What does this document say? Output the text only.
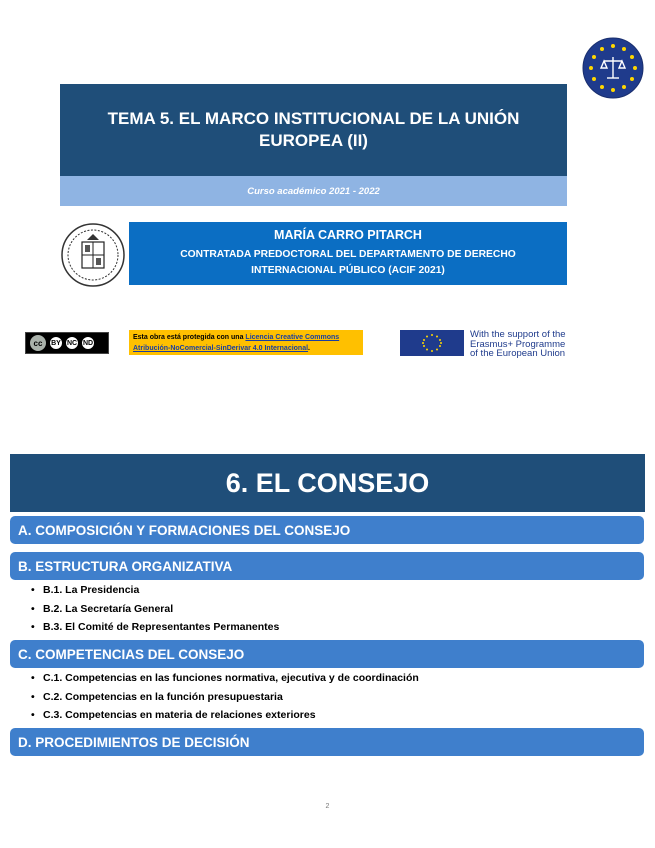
TEMA 5. EL MARCO INSTITUCIONAL DE LA UNIÓN EUROPEA (II)
Curso académico 2021 - 2022
MARÍA CARRO PITARCH
CONTRATADA PREDOCTORAL DEL DEPARTAMENTO DE DERECHO INTERNACIONAL PÚBLICO (ACIF 2021)
cc	BY NC ND
Esta obra está protegida con una Licencia Creative Commons Atribución-NoComercial-SinDerivar 4.0 Internacional.
With the support of the
Erasmus+ Programme
of the European Union
6. EL CONSEJO
A. COMPOSICIÓN Y FORMACIONES DEL CONSEJO
B. ESTRUCTURA ORGANIZATIVA
• B.1. La Presidencia
• B.2. La Secretaría General
• B.3. El Comité de Representantes Permanentes
C. COMPETENCIAS DEL CONSEJO
• C.1. Competencias en las funciones normativa, ejecutiva y de coordinación
• C.2. Competencias en la función presupuestaria
• C.3. Competencias en materia de relaciones exteriores
D. PROCEDIMIENTOS DE DECISIÓN
2
